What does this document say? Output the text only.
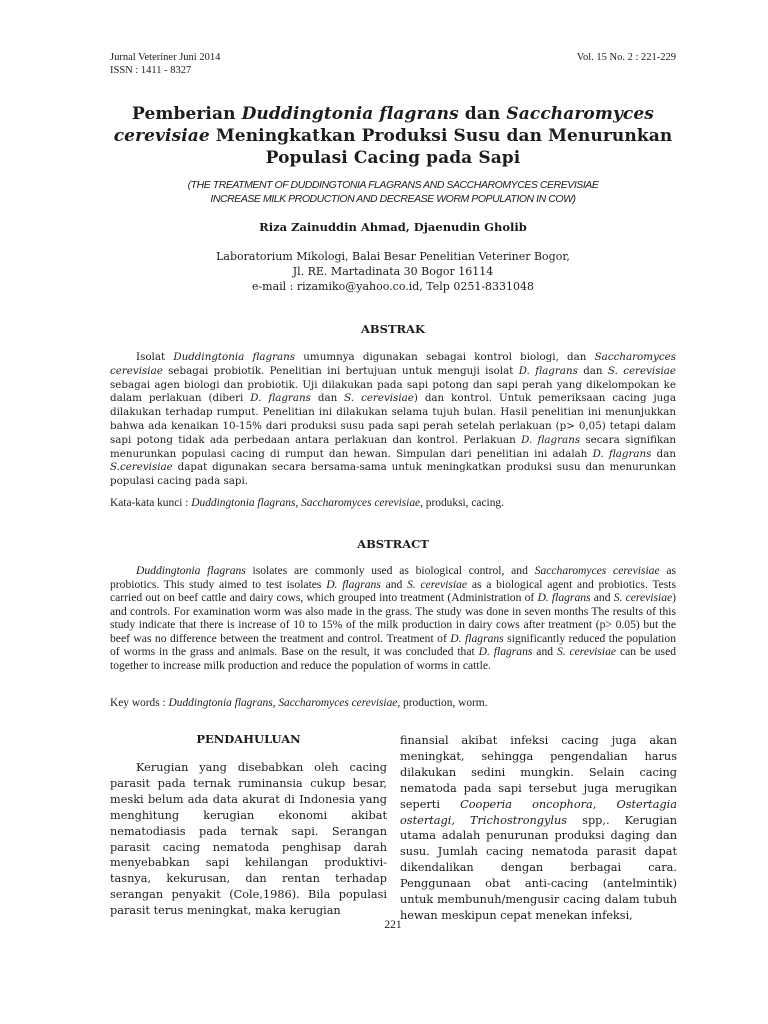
Jurnal Veteriner Juni 2014
ISSN : 1411 - 8327
Vol. 15 No. 2 : 221-229
Pemberian Duddingtonia flagrans dan Saccharomyces
cerevisiae Meningkatkan Produksi Susu dan Menurunkan
Populasi Cacing pada Sapi
(THE TREATMENT OF DUDDINGTONIA FLAGRANS AND SACCHAROMYCES CEREVISIAE
INCREASE MILK PRODUCTION AND DECREASE WORM POPULATION IN COW)
Riza Zainuddin Ahmad, Djaenudin Gholib
Laboratorium Mikologi, Balai Besar Penelitian Veteriner Bogor,
Jl. RE. Martadinata 30 Bogor 16114
e-mail : rizamiko@yahoo.co.id, Telp 0251-8331048
ABSTRAK
Isolat Duddingtonia flagrans umumnya digunakan sebagai kontrol biologi, dan Saccharomyces cerevisiae sebagai probiotik. Penelitian ini bertujuan untuk menguji isolat D. flagrans dan S. cerevisiae sebagai agen biologi dan probiotik. Uji dilakukan pada sapi potong dan sapi perah yang dikelompokan ke dalam perlakuan (diberi D. flagrans dan S. cerevisiae) dan kontrol. Untuk pemeriksaan cacing juga dilakukan terhadap rumput. Penelitian ini dilakukan selama tujuh bulan. Hasil penelitian ini menunjukkan bahwa ada kenaikan 10-15% dari produksi susu pada sapi perah setelah perlakuan (p> 0,05) tetapi dalam sapi potong tidak ada perbedaan antara perlakuan dan kontrol. Perlakuan D. flagrans secara signifikan menurunkan populasi cacing di rumput dan hewan. Simpulan dari penelitian ini adalah D. flagrans dan S.cerevisiae dapat digunakan secara bersama-sama untuk meningkatkan produksi susu dan menurunkan populasi cacing pada sapi.
Kata-kata kunci : Duddingtonia flagrans, Saccharomyces cerevisiae, produksi, cacing.
ABSTRACT
Duddingtonia flagrans isolates are commonly used as biological control, and Saccharomyces cerevisiae as probiotics. This study aimed to test isolates D. flagrans and S. cerevisiae as a biological agent and probiotics. Tests carried out on beef cattle and dairy cows, which grouped into treatment (Administration of D. flagrans and S. cerevisiae) and controls. For examination worm was also made in the grass. The study was done in seven months The results of this study indicate that there is increase of 10 to 15% of the milk production in dairy cows after treatment (p> 0.05) but the beef was no difference between the treatment and control. Treatment of D. flagrans significantly reduced the population of worms in the grass and animals. Base on the result, it was concluded that D. flagrans and S. cerevisiae can be used together to increase milk production and reduce the population of worms in cattle.
Key words : Duddingtonia flagrans, Saccharomyces cerevisiae, production, worm.
PENDAHULUAN
Kerugian yang disebabkan oleh cacing parasit pada ternak ruminansia cukup besar, meski belum ada data akurat di Indonesia yang menghitung kerugian ekonomi akibat nematodiasis pada ternak sapi. Serangan parasit cacing nematoda penghisap darah menyebabkan sapi kehilangan produktivi-tasnya, kekurusan, dan rentan terhadap serangan penyakit (Cole,1986). Bila populasi parasit terus meningkat, maka kerugian
finansial akibat infeksi cacing juga akan meningkat, sehingga pengendalian harus dilakukan sedini mungkin. Selain cacing nematoda pada sapi tersebut juga merugikan seperti Cooperia oncophora, Ostertagia ostertagi, Trichostrongylus spp,. Kerugian utama adalah penurunan produksi daging dan susu. Jumlah cacing nematoda parasit dapat dikendalikan dengan berbagai cara. Penggunaan obat anti-cacing (antelmintik) untuk membunuh/mengusir cacing dalam tubuh hewan meskipun cepat menekan infeksi,
221
